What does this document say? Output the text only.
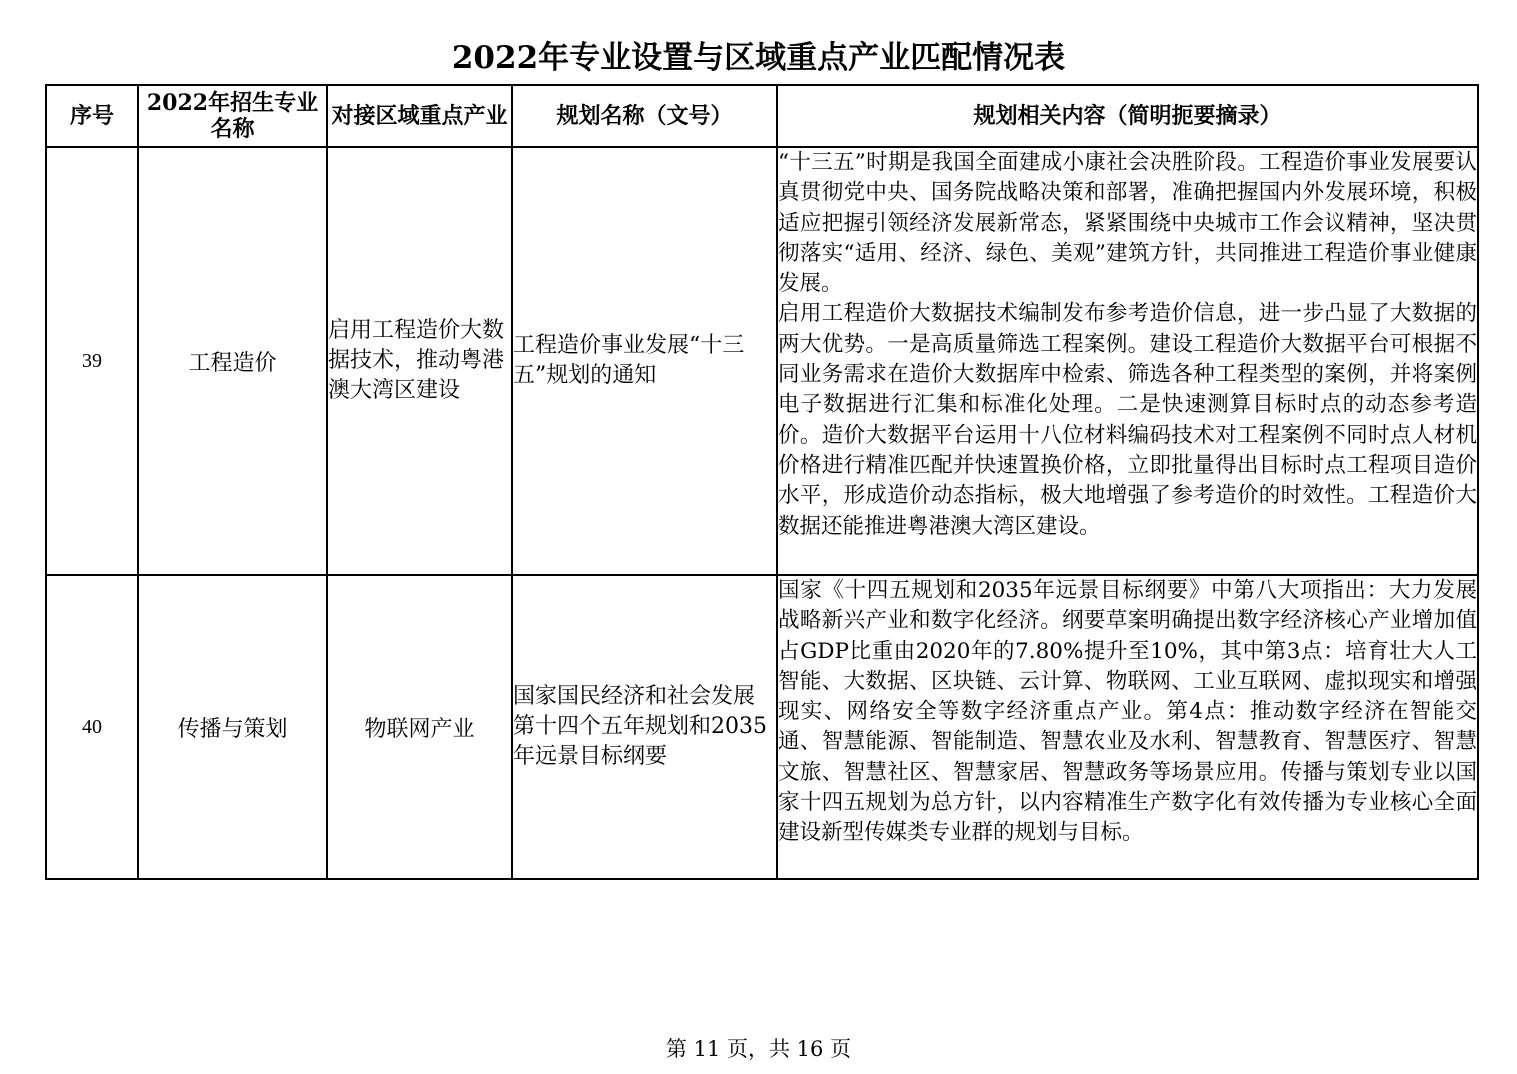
2022年专业设置与区域重点产业匹配情况表
序号	2022年招生专业名称	对接区域重点产业	规划名称（文号）	规划相关内容（简明扼要摘录）
39	工程造价	启用工程造价大数据技术，推动粤港澳大湾区建设	工程造价事业发展“十三五”规划的通知	“十三五”时期是我国全面建成小康社会决胜阶段。工程造价事业发展要认真贯彻党中央、国务院战略决策和部署，准确把握国内外发展环境，积极适应把握引领经济发展新常态，紧紧围绕中央城市工作会议精神，坚决贯彻落实“适用、经济、绿色、美观”建筑方针，共同推进工程造价事业健康发展。

启用工程造价大数据技术编制发布参考造价信息，进一步凸显了大数据的两大优势。一是高质量筛选工程案例。建设工程造价大数据平台可根据不同业务需求在造价大数据库中检索、筛选各种工程类型的案例，并将案例电子数据进行汇集和标准化处理。二是快速测算目标时点的动态参考造价。造价大数据平台运用十八位材料编码技术对工程案例不同时点人材机价格进行精准匹配并快速置换价格，立即批量得出目标时点工程项目造价水平，形成造价动态指标，极大地增强了参考造价的时效性。工程造价大数据还能推进粤港澳大湾区建设。

40	传播与策划	物联网产业	国家国民经济和社会发展第十四个五年规划和2035年远景目标纲要	国家《十四五规划和2035年远景目标纲要》中第八大项指出：大力发展战略新兴产业和数字化经济。纲要草案明确提出数字经济核心产业增加值占GDP比重由2020年的7.80%提升至10%，其中第3点：培育壮大人工智能、大数据、区块链、云计算、物联网、工业互联网、虚拟现实和增强现实、网络安全等数字经济重点产业。第4点：推动数字经济在智能交通、智慧能源、智能制造、智慧农业及水利、智慧教育、智慧医疗、智慧文旅、智慧社区、智慧家居、智慧政务等场景应用。传播与策划专业以国家十四五规划为总方针，以内容精准生产数字化有效传播为专业核心全面建设新型传媒类专业群的规划与目标。

第 11 页，共 16 页
